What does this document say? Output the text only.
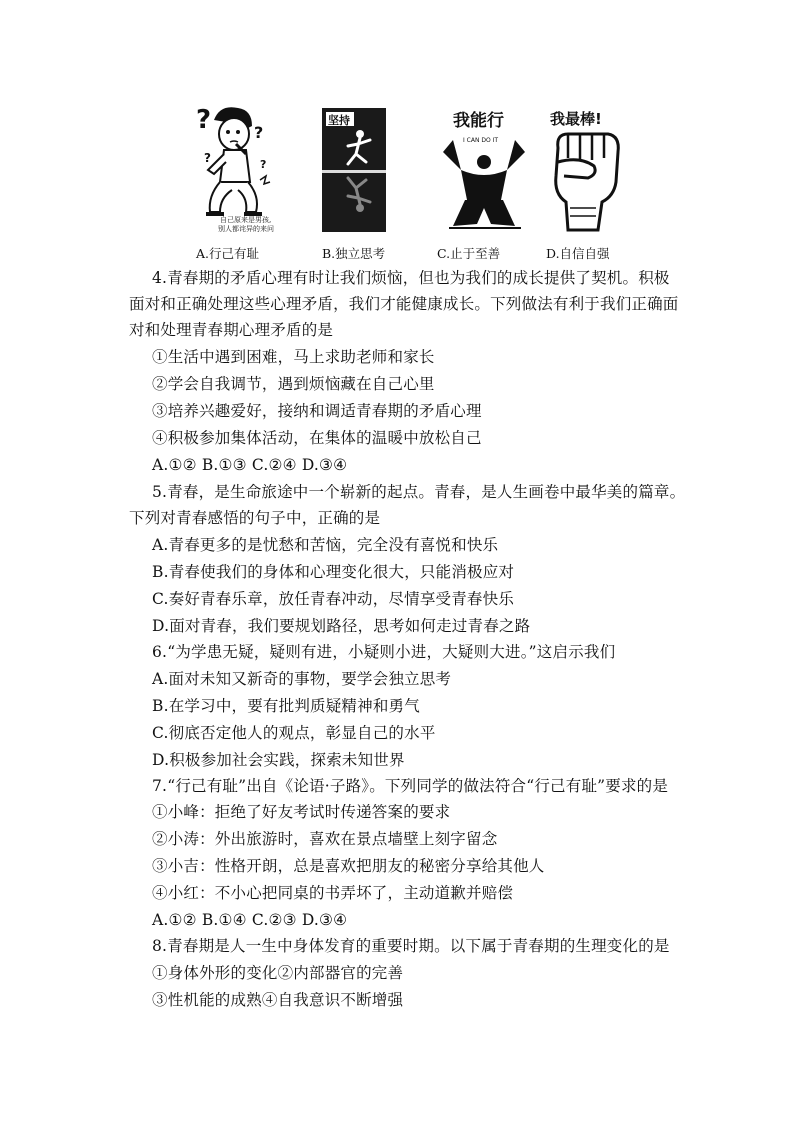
?	?
?	?
自己原来是男孩,
别人都诧异的来问
坚持	我能行
I CAN DO IT
我最棒!
A.行己有耻	B.独立思考	C.止于至善	D.自信自强
4.青春期的矛盾心理有时让我们烦恼，但也为我们的成长提供了契机。积极
面对和正确处理这些心理矛盾，我们才能健康成长。下列做法有利于我们正确面
对和处理青春期心理矛盾的是
①生活中遇到困难，马上求助老师和家长
②学会自我调节，遇到烦恼藏在自己心里
③培养兴趣爱好，接纳和调适青春期的矛盾心理
④积极参加集体活动，在集体的温暖中放松自己
A.①② B.①③ C.②④ D.③④
5.青春，是生命旅途中一个崭新的起点。青春，是人生画卷中最华美的篇章。
下列对青春感悟的句子中，正确的是
A.青春更多的是忧愁和苦恼，完全没有喜悦和快乐
B.青春使我们的身体和心理变化很大，只能消极应对
C.奏好青春乐章，放任青春冲动，尽情享受青春快乐
D.面对青春，我们要规划路径，思考如何走过青春之路
6.“为学患无疑，疑则有进，小疑则小进，大疑则大进。”这启示我们
A.面对未知又新奇的事物，要学会独立思考
B.在学习中，要有批判质疑精神和勇气
C.彻底否定他人的观点，彰显自己的水平
D.积极参加社会实践，探索未知世界
7.“行己有耻”出自《论语·子路》。下列同学的做法符合“行己有耻”要求的是
①小峰：拒绝了好友考试时传递答案的要求
②小涛：外出旅游时，喜欢在景点墙壁上刻字留念
③小吉：性格开朗，总是喜欢把朋友的秘密分享给其他人
④小红：不小心把同桌的书弄坏了，主动道歉并赔偿
A.①② B.①④ C.②③ D.③④
8.青春期是人一生中身体发育的重要时期。以下属于青春期的生理变化的是
①身体外形的变化②内部器官的完善
③性机能的成熟④自我意识不断增强
